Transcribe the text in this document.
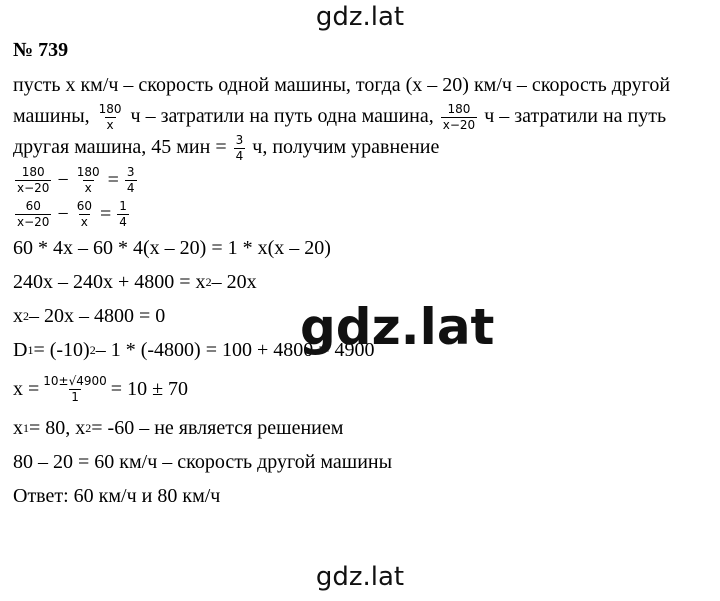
gdz.lat
№ 739
пусть x км/ч – скорость одной машины, тогда (x – 20) км/ч – скорость другой машины, $\frac{180}{x}$ ч – затратили на путь одна машина, $\frac{180}{x-20}$ ч – затратили на путь другая машина, 45 мин = $\frac{3}{4} ч$, получим уравнение
$\frac{180}{x-20} - \frac{180}{x} = \frac{3}{4}$
$\frac{60}{x-20} - \frac{60}{x} = \frac{1}{4}$
60 * 4x – 60 * 4(x – 20) = 1 * x(x – 20)
240x – 240x + 4800 = x 2 – 20x
x 2 – 20x – 4800 = 0
D 1 = (-10) 2 – 1 * (-4800) = 100 + 4800 = 4900
$x = \frac{10\pm√4900}{1} = 10 \pm 70$
x 1 = 80, x 2 = -60 – не является решением
80 – 20 = 60 км/ч – скорость другой машины
Ответ: 60 км/ч и 80 км/ч
gdz.lat
gdz.lat
